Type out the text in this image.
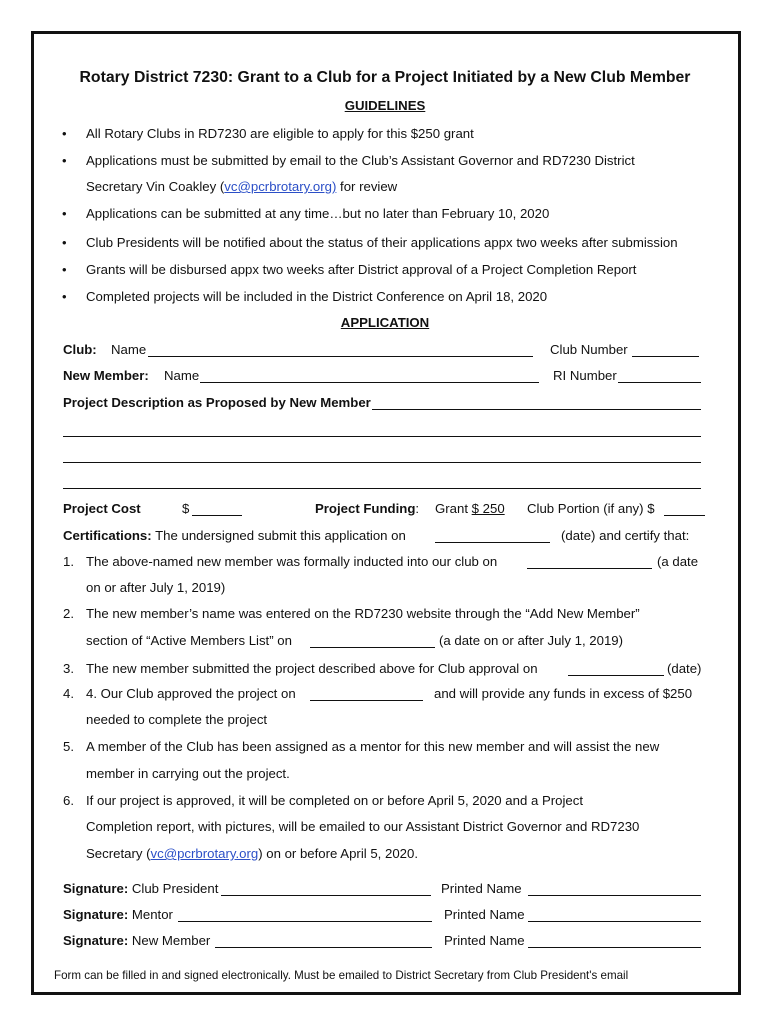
Rotary District 7230: Grant to a Club for a Project Initiated by a New Club Member
GUIDELINES
• All Rotary Clubs in RD7230 are eligible to apply for this $250 grant
• Applications must be submitted by email to the Club’s Assistant Governor and RD7230 District
Secretary Vin Coakley (vc@pcrbrotary.org) for review
• Applications can be submitted at any time…but no later than February 10, 2020
• Club Presidents will be notified about the status of their applications appx two weeks after submission
• Grants will be disbursed appx two weeks after District approval of a Project Completion Report
• Completed projects will be included in the District Conference on April 18, 2020
APPLICATION
Club: Name	Club Number
New Member: Name	RI Number
Project Description as Proposed by New Member
Project Cost	$	Project Funding: Grant $ 250 Club Portion (if any) $
Certifications: The undersigned submit this application on	(date) and certify that:
1. The above-named new member was formally inducted into our club on	(a date
on or after July 1, 2019)
2. The new member’s name was entered on the RD7230 website through the “Add New Member”
section of “Active Members List” on	(a date on or after July 1, 2019)
3. The new member submitted the project described above for Club approval on	(date)
4. 4. Our Club approved the project on	and will provide any funds in excess of $250
needed to complete the project
5. A member of the Club has been assigned as a mentor for this new member and will assist the new
member in carrying out the project.
6. If our project is approved, it will be completed on or before April 5, 2020 and a Project
Completion report, with pictures, will be emailed to our Assistant District Governor and RD7230
Secretary (vc@pcrbrotary.org) on or before April 5, 2020.
Signature: Club President	Printed Name
Signature: Mentor	Printed Name
Signature: New Member	Printed Name
Form can be filled in and signed electronically. Must be emailed to District Secretary from Club President's email
